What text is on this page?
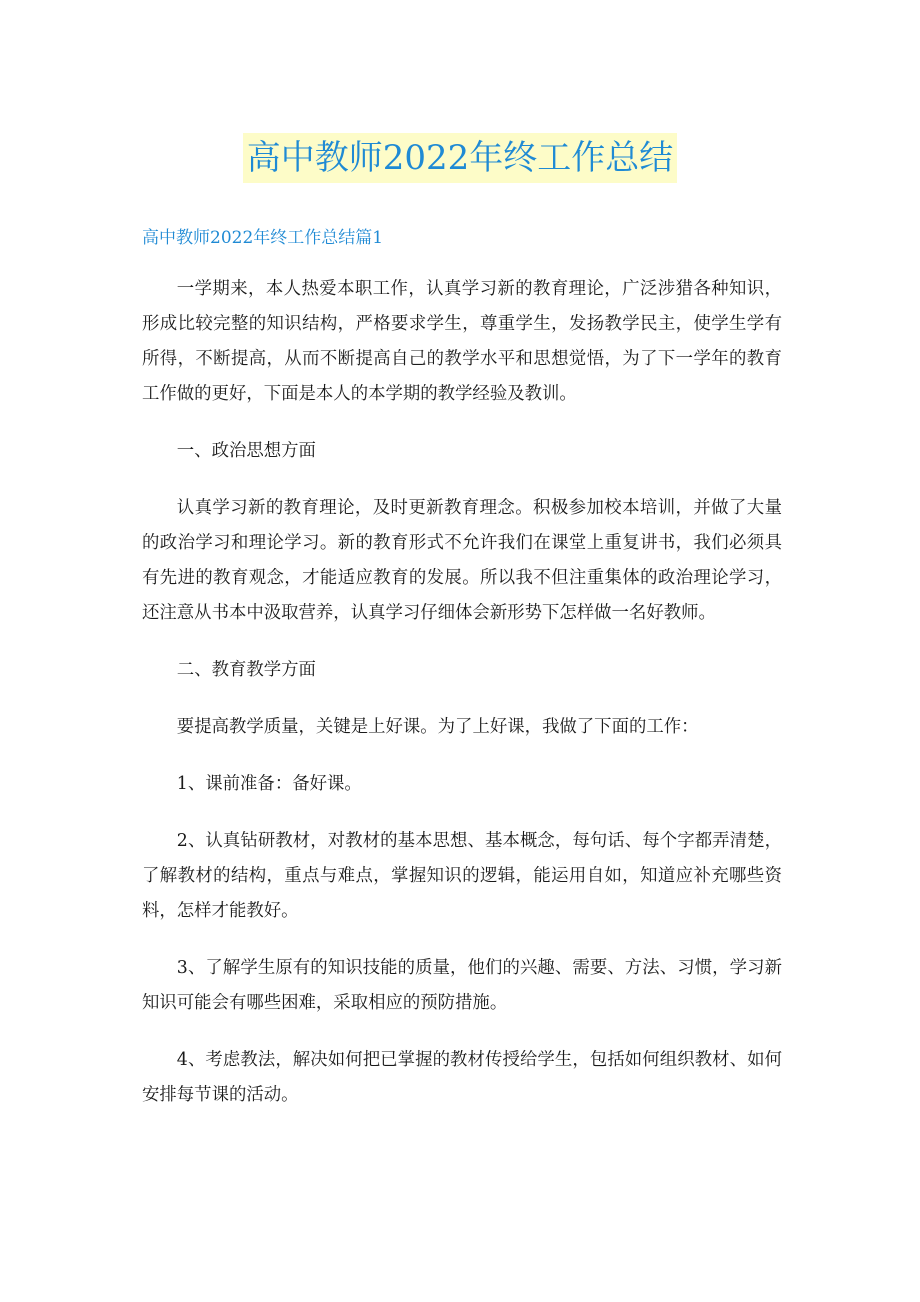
高中教师2022年终工作总结
高中教师2022年终工作总结篇1

一学期来，本人热爱本职工作，认真学习新的教育理论，广泛涉猎各种知识，形成比较完整的知识结构，严格要求学生，尊重学生，发扬教学民主，使学生学有所得，不断提高，从而不断提高自己的教学水平和思想觉悟，为了下一学年的教育工作做的更好，下面是本人的本学期的教学经验及教训。

一、政治思想方面

认真学习新的教育理论，及时更新教育理念。积极参加校本培训，并做了大量的政治学习和理论学习。新的教育形式不允许我们在课堂上重复讲书，我们必须具有先进的教育观念，才能适应教育的发展。所以我不但注重集体的政治理论学习，还注意从书本中汲取营养，认真学习仔细体会新形势下怎样做一名好教师。

二、教育教学方面

要提高教学质量，关键是上好课。为了上好课，我做了下面的工作：

1、课前准备：备好课。

2、认真钻研教材，对教材的基本思想、基本概念，每句话、每个字都弄清楚，了解教材的结构，重点与难点，掌握知识的逻辑，能运用自如，知道应补充哪些资料，怎样才能教好。

3、了解学生原有的知识技能的质量，他们的兴趣、需要、方法、习惯，学习新知识可能会有哪些困难，采取相应的预防措施。

4、考虑教法，解决如何把已掌握的教材传授给学生，包括如何组织教材、如何安排每节课的活动。
